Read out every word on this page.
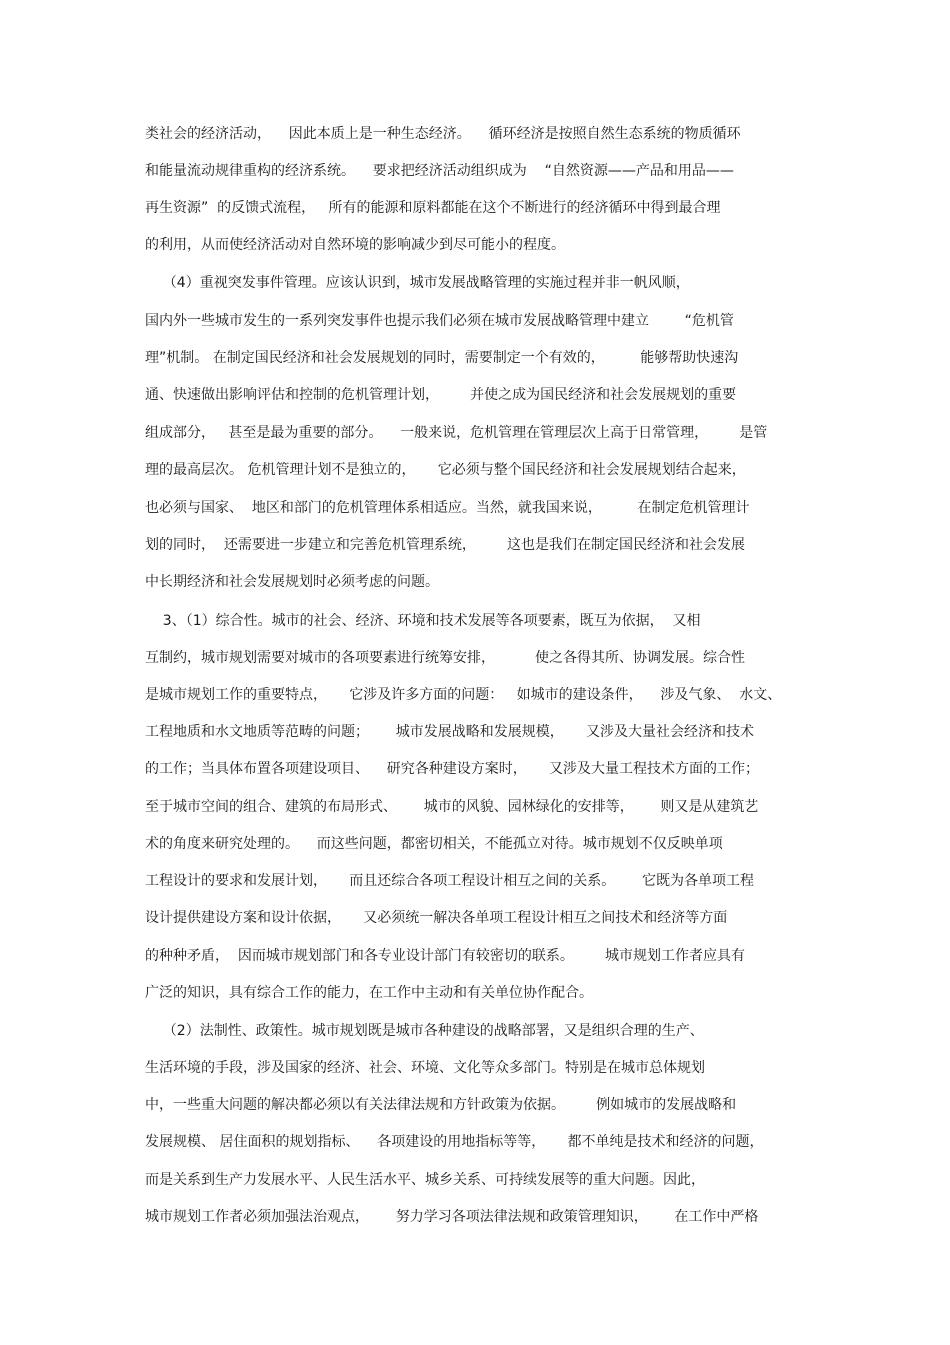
类社会的经济活动，    因此本质上是一种生态经济。    循环经济是按照自然生态系统的物质循环
和能量流动规律重构的经济系统。    要求把经济活动组织成为    “自然资源——产品和用品——
再生资源”  的反馈式流程，   所有的能源和原料都能在这个不断进行的经济循环中得到最合理
的利用，从而使经济活动对自然环境的影响减少到尽可能小的程度。
（4）重视突发事件管理。应该认识到，城市发展战略管理的实施过程并非一帆风顺，
国内外一些城市发生的一系列突发事件也提示我们必须在城市发展战略管理中建立        “危机管
理”机制。 在制定国民经济和社会发展规划的同时，需要制定一个有效的，        能够帮助快速沟
通、快速做出影响评估和控制的危机管理计划，       并使之成为国民经济和社会发展规划的重要
组成部分，   甚至是最为重要的部分。    一般来说，危机管理在管理层次上高于日常管理，       是管
理的最高层次。 危机管理计划不是独立的，     它必须与整个国民经济和社会发展规划结合起来，
也必须与国家、  地区和部门的危机管理体系相适应。当然，就我国来说，        在制定危机管理计
划的同时，  还需要进一步建立和完善危机管理系统，       这也是我们在制定国民经济和社会发展
中长期经济和社会发展规划时必须考虑的问题。
3、（1）综合性。城市的社会、经济、环境和技术发展等各项要素，既互为依据，  又相
互制约，城市规划需要对城市的各项要素进行统筹安排，         使之各得其所、协调发展。综合性
是城市规划工作的重要特点，     它涉及许多方面的问题：   如城市的建设条件，    涉及气象、  水文、
工程地质和水文地质等范畴的问题；      城市发展战略和发展规模，     又涉及大量社会经济和技术
的工作；当具体布置各项建设项目、    研究各种建设方案时，     又涉及大量工程技术方面的工作；
至于城市空间的组合、建筑的布局形式、      城市的风貌、园林绿化的安排等，      则又是从建筑艺
术的角度来研究处理的。    而这些问题，都密切相关，不能孤立对待。城市规划不仅反映单项
工程设计的要求和发展计划，     而且还综合各项工程设计相互之间的关系。      它既为各单项工程
设计提供建设方案和设计依据，     又必须统一解决各单项工程设计相互之间技术和经济等方面
的种种矛盾，  因而城市规划部门和各专业设计部门有较密切的联系。       城市规划工作者应具有
广泛的知识，具有综合工作的能力，在工作中主动和有关单位协作配合。
（2）法制性、政策性。城市规划既是城市各种建设的战略部署，又是组织合理的生产、
生活环境的手段，涉及国家的经济、社会、环境、文化等众多部门。特别是在城市总体规划
中，一些重大问题的解决都必须以有关法律法规和方针政策为依据。       例如城市的发展战略和
发展规模、 居住面积的规划指标、    各项建设的用地指标等等，     都不单纯是技术和经济的问题，
而是关系到生产力发展水平、人民生活水平、城乡关系、可持续发展等的重大问题。因此，
城市规划工作者必须加强法治观点，      努力学习各项法律法规和政策管理知识，      在工作中严格
